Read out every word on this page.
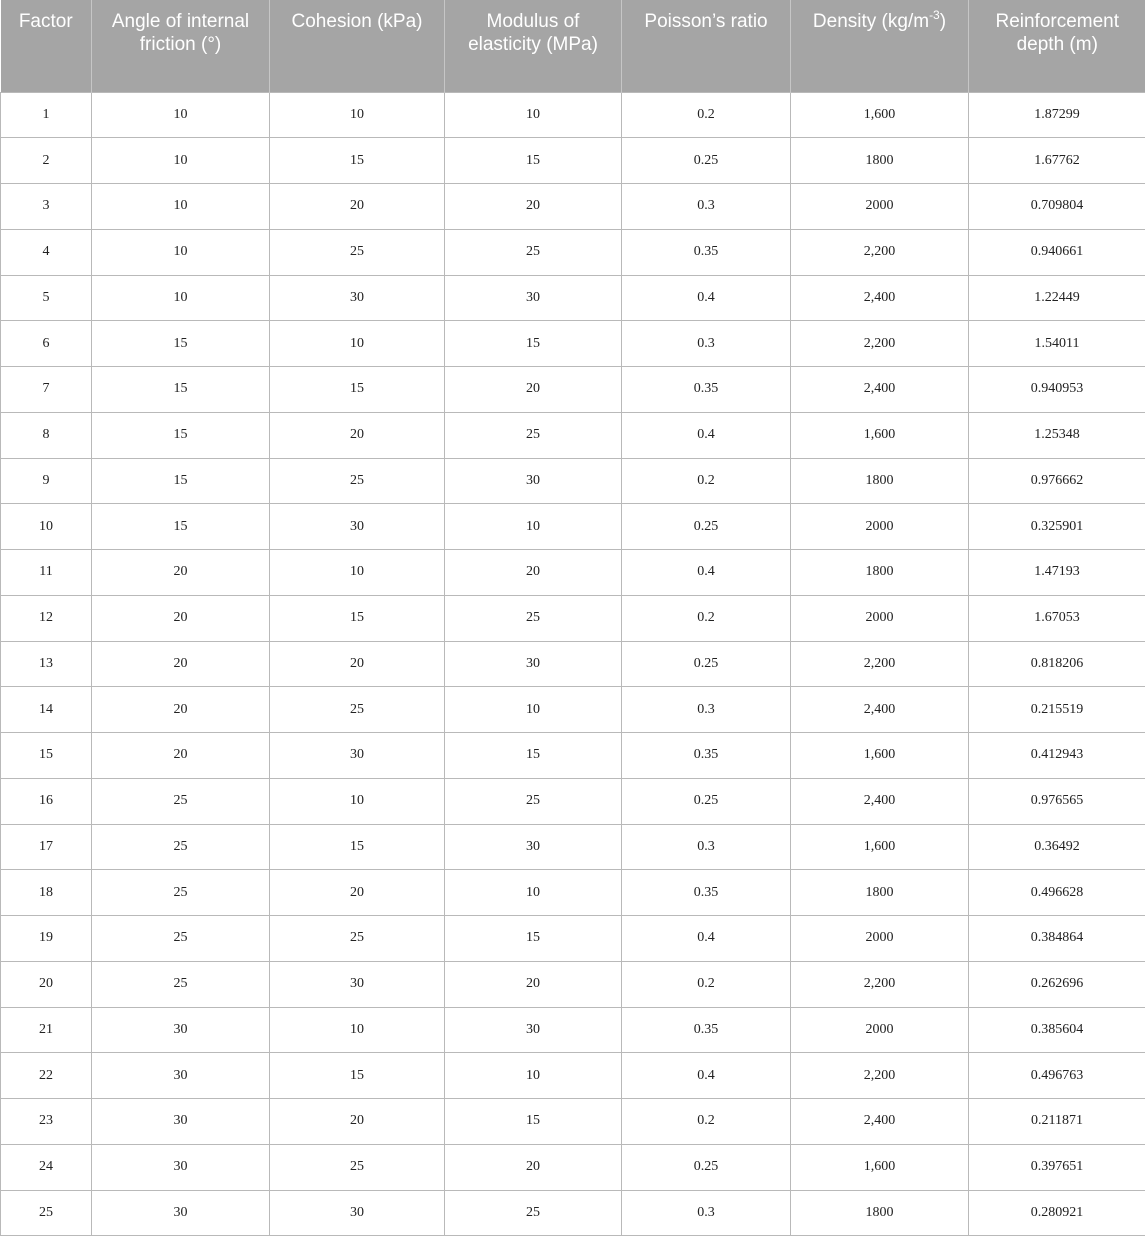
Factor	Angle of internal friction (°)	Cohesion (kPa)	Modulus of elasticity (MPa)	Poisson’s ratio	Density $(kg/m^{-3})$	Reinforcement depth (m)
1	10	10	10	0.2	1,600	1.87299
2	10	15	15	0.25	1800	1.67762
3	10	20	20	0.3	2000	0.709804
4	10	25	25	0.35	2,200	0.940661
5	10	30	30	0.4	2,400	1.22449
6	15	10	15	0.3	2,200	1.54011
7	15	15	20	0.35	2,400	0.940953
8	15	20	25	0.4	1,600	1.25348
9	15	25	30	0.2	1800	0.976662
10	15	30	10	0.25	2000	0.325901
11	20	10	20	0.4	1800	1.47193
12	20	15	25	0.2	2000	1.67053
13	20	20	30	0.25	2,200	0.818206
14	20	25	10	0.3	2,400	0.215519
15	20	30	15	0.35	1,600	0.412943
16	25	10	25	0.25	2,400	0.976565
17	25	15	30	0.3	1,600	0.36492
18	25	20	10	0.35	1800	0.496628
19	25	25	15	0.4	2000	0.384864
20	25	30	20	0.2	2,200	0.262696
21	30	10	30	0.35	2000	0.385604
22	30	15	10	0.4	2,200	0.496763
23	30	20	15	0.2	2,400	0.211871
24	30	25	20	0.25	1,600	0.397651
25	30	30	25	0.3	1800	0.280921
